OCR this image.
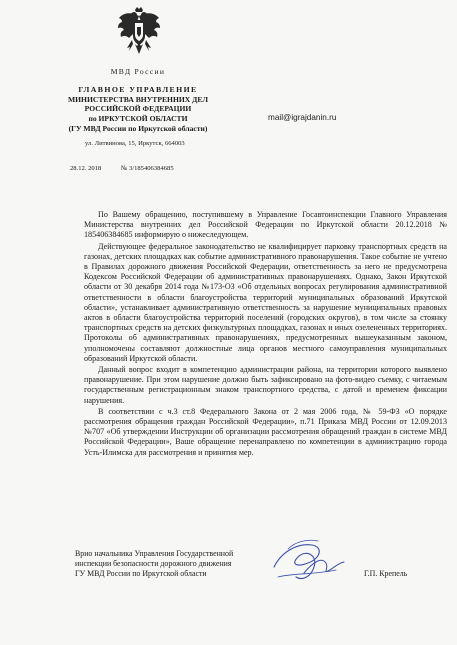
МВД России
ГЛАВНОЕ УПРАВЛЕНИЕ
МИНИСТЕРСТВА ВНУТРЕННИХ ДЕЛ
РОССИЙСКОЙ ФЕДЕРАЦИИ
по ИРКУТСКОЙ ОБЛАСТИ
(ГУ МВД России по Иркутской области)
ул. Литвинова, 15, Иркутск, 664003
28.12. 2018	№ 3/185406384685
mail@igrajdanin.ru

По Вашему обращению, поступившему в Управление Госавтоинспекции Главного Управления Министерства внутренних дел Российской Федерации по Иркутской области 20.12.2018 № 185406384685 информирую о нижеследующем.

Действующее федеральное законодательство не квалифицирует парковку транспортных средств на газонах, детских площадках как событие административного правонарушения. Такое событие не учтено в Правилах дорожного движения Российской Федерации, ответственность за него не предусмотрена Кодексом Российской Федерации об административных правонарушениях. Однако, Закон Иркутской области от 30 декабря 2014 года №173-ОЗ «Об отдельных вопросах регулирования административной ответственности в области благоустройства территорий муниципальных образований Иркутской области», устанавливает административную ответственность за нарушение муниципальных правовых актов в области благоустройства территорий поселений (городских округов), в том числе за стоянку транспортных средств на детских физкультурных площадках, газонах и иных озелененных территориях. Протоколы об административных правонарушениях, предусмотренных вышеуказанным законом, уполномочены составляют должностные лица органов местного самоуправления муниципальных образований Иркутской области.

Данный вопрос входит в компетенцию администрации района, на территории которого выявлено правонарушение. При этом нарушение должно быть зафиксировано на фото-видео съемку, с читаемым государственным регистрационным знаком транспортного средства, с датой и временем фиксации нарушения.

В соответствии с ч.3 ст.8 Федерального Закона от 2 мая 2006 года, № 59-ФЗ «О порядке рассмотрения обращения граждан Российской Федерации», п.71 Приказа МВД России от 12.09.2013 №707 «Об утверждении Инструкции об организации рассмотрения обращений граждан в системе МВД Российской Федерации», Ваше обращение перенаправлено по компетенции в администрацию города Усть-Илимска для рассмотрения и принятия мер.

Врио начальника Управления Государственной
инспекции безопасности дорожного движения
ГУ МВД России по Иркутской области	Г.П. Крепель
